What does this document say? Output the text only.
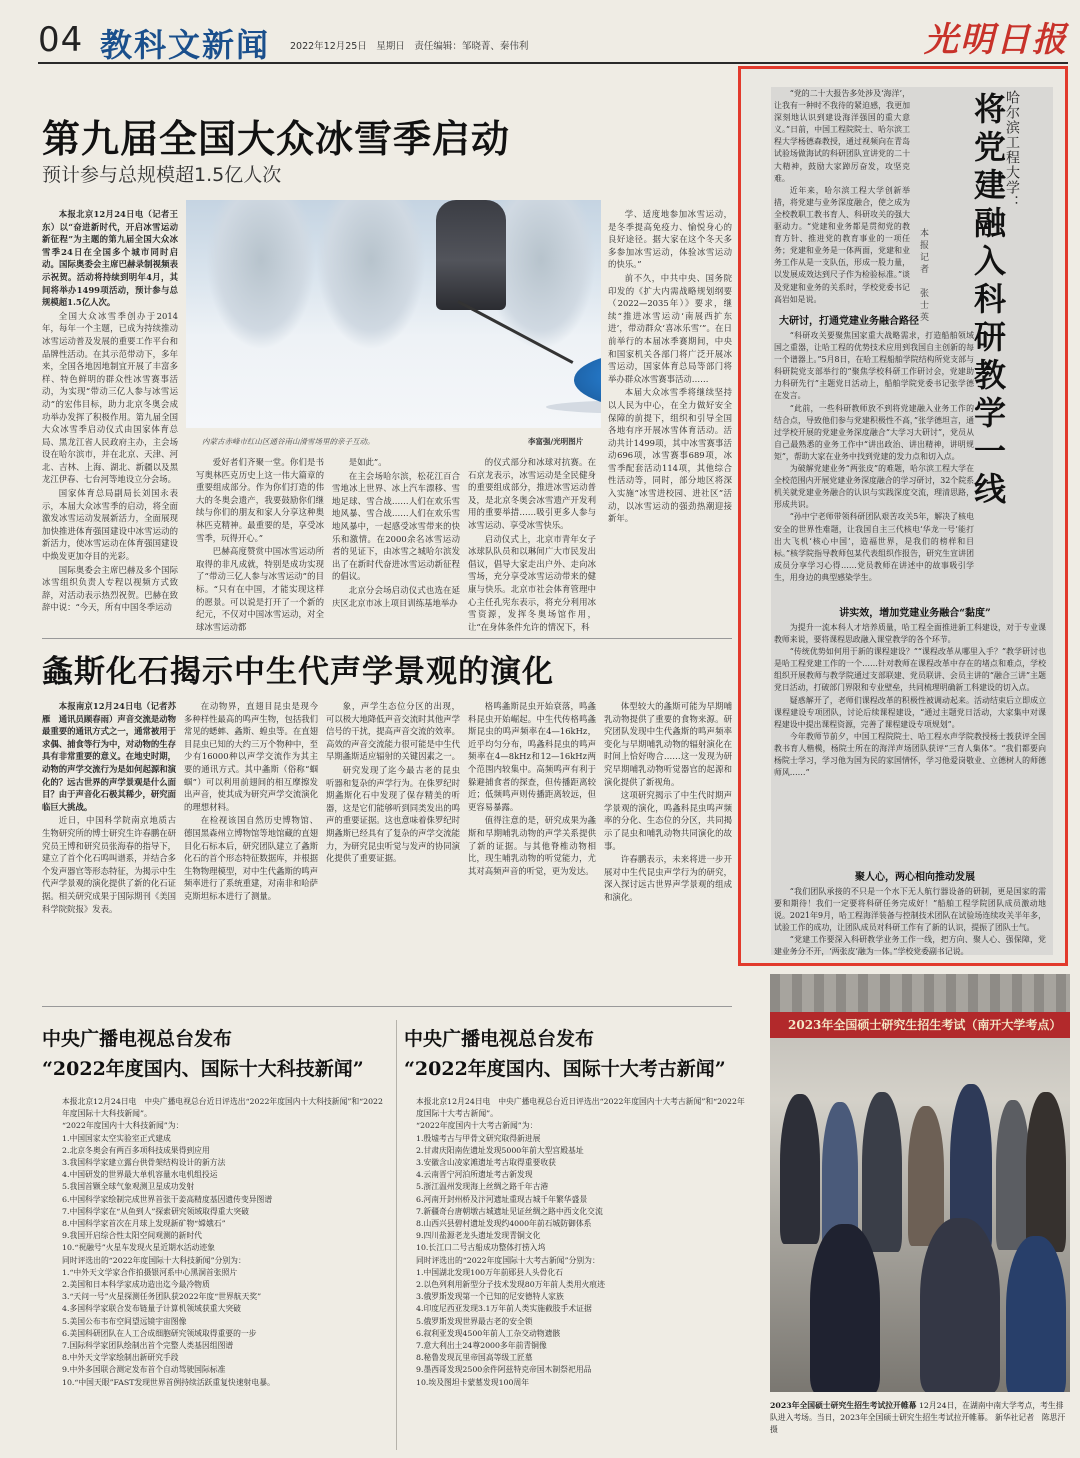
04 教科文新闻 2022年12月25日　星期日　责任编辑：邹晓菁、秦伟利	光明日报
第九届全国大众冰雪季启动
预计参与总规模超1.5亿人次

本报北京12月24日电（记者王东）以“奋进新时代，开启冰雪运动新征程”为主题的第九届全国大众冰雪季24日在全国多个城市同时启动。国际奥委会主席巴赫录制视频表示祝贺。活动将持续到明年4月，其间将举办1499项活动，预计参与总规模超1.5亿人次。

全国大众冰雪季创办于2014年，每年一个主题，已成为持续推动冰雪运动普及发展的重要工作平台和品牌性活动。在其示范带动下，多年来，全国各地因地制宜开展了丰富多样、特色鲜明的群众性冰雪赛事活动，为实现“带动三亿人参与冰雪运动”的宏伟目标，助力北京冬奥会成功举办发挥了积极作用。第九届全国大众冰雪季启动仪式由国家体育总局、黑龙江省人民政府主办，主会场设在哈尔滨市，并在北京、天津、河北、吉林、上海、湖北、新疆以及黑龙江伊春、七台河等地设立分会场。

国家体育总局副局长刘国永表示，本届大众冰雪季的启动，将全面激发冰雪运动发展新活力，全面展现加快推进体育强国建设中冰雪运动的新活力，使冰雪运动在体育强国建设中焕发更加夺目的光彩。

国际奥委会主席巴赫及多个国际冰雪组织负责人专程以视频方式致辞，对活动表示热烈祝贺。巴赫在致辞中说：“今天，所有中国冬季运动

内蒙古赤峰市红山区通谷南山滑雪场里的亲子互动。	李富强/光明图片

爱好者们齐聚一堂。你们是书写奥林匹克历史上这一伟大篇章的重要组成部分。作为你们打造的伟大的冬奥会遗产，我要鼓励你们继续与你们的朋友和家人分享这种奥林匹克精神。最重要的是，享受冰雪季，玩得开心。”

巴赫高度赞赏中国冰雪运动所取得的非凡成就，特别是成功实现了“带动三亿人参与冰雪运动”的目标。“只有在中国，才能实现这样的愿景。可以说是打开了一个新的纪元，不仅对中国冰雪运动，对全球冰雪运动都

是如此”。

在主会场哈尔滨，松花江百合雪地冰上世界、冰上汽车漂移、雪地足球、雪合战……人们在欢乐雪地风暴、雪合战……人们在欢乐雪地风暴中，一起感受冰雪带来的快乐和激情。在2000余名冰雪运动者的见证下，由冰雪之城哈尔滨发出了在新时代奋进冰雪运动新征程的倡议。

北京分会场启动仪式也选在延庆区北京市冰上项目训练基地举办

的仪式部分和冰球对抗赛。在石京龙表示，冰雪运动是全民健身的重要组成部分，推进冰雪运动普及，是北京冬奥会冰雪遗产开发利用的重要举措……吸引更多人参与冰雪运动、享受冰雪快乐。

启动仪式上，北京市青年女子冰球队队员和以琳间广大市民发出倡议，倡导大家走出户外、走向冰雪场，充分享受冰雪运动带来的健康与快乐。北京市社会体育管理中心主任孔宪东表示，将充分利用冰雪资源，发挥冬奥场馆作用，让“在身体条件允许的情况下，科

学、适度地参加冰雪运动，是冬季提高免疫力、愉悦身心的良好途径。据大家在这个冬天多多参加冰雪运动，体验冰雪运动的快乐。”

前不久，中共中央、国务院印发的《扩大内需战略规划纲要（2022—2035年）》要求，继续“推进冰雪运动‘南展西扩东进’，带动群众‘喜冰乐雪’”。在日前举行的本届冰季赛期间，中央和国家机关各部门将广泛开展冰雪运动，国家体育总局等部门将举办群众冰雪赛事活动……

本届大众冰雪季将继续坚持以人民为中心，在全力做好安全保障的前提下，组织和引导全国各地有序开展冰雪体育活动。活动共计1499项，其中冰雪赛事活动696项，冰雪赛事689项，冰雪季配套活动114项，其他综合性活动等，同时，部分地区将深入实施“冰雪进校园、进社区”活动，以冰雪运动的强劲热潮迎接新年。

螽斯化石揭示中生代声学景观的演化

本报南京12月24日电（记者苏雁　通讯员顾春雨）声音交流是动物最重要的通讯方式之一，通常被用于求偶、捕食等行为中，对动物的生存具有非常重要的意义。在地史时期，动物的声学交流行为是如何起源和演化的？远古世界的声学景观是什么面目？由于声音化石极其稀少，研究面临巨大挑战。

近日，中国科学院南京地质古生物研究所的博士研究生许春鹏在研究员王博和研究员张海春的指导下，建立了首个化石鸣叫谱系，并结合多个发声器官等形态特征，为揭示中生代声学景观的演化提供了新的化石证据。相关研究成果于国际期刊《美国科学院院报》发表。

在动物界，直翅目昆虫是现今多种样性最高的鸣声生物，包括我们常见的蟋蟀、螽斯、蝗虫等。在直翅目昆虫已知的大约三万个物种中，至少有16000种以声学交流作为其主要的通讯方式。其中螽斯（俗称“蝈蝈”）可以利用前翅间的相互摩擦发出声音，使其成为研究声学交流演化的理想材料。

在检视该国自然历史博物馆、德国黑森州立博物馆等地馆藏的直翅目化石标本后，研究团队建立了螽斯化石的首个形态特征数据库，并根据生物物理模型，对中生代螽斯的鸣声频率进行了系统重建，对南非和哈萨克斯坦标本进行了测量。

象，声学生态位分区的出现，可以极大地降低声音交流时其他声学信号的干扰，提高声音交流的效率。高效的声音交流能力很可能是中生代早期螽斯适应辐射的关键因素之一。

研究发现了迄今最古老的昆虫听器和复杂的声学行为。在侏罗纪时期螽斯化石中发现了保存精美的听器，这是它们能够听到同类发出的鸣声的重要证据。这也意味着侏罗纪时期螽斯已经具有了复杂的声学交流能力，为研究昆虫听觉与发声的协同演化提供了重要证据。

格鸣螽斯昆虫开始衰落，鸣螽科昆虫开始崛起。中生代传格鸣螽斯昆虫的鸣声频率在4—16kHz，近乎均匀分布，鸣螽科昆虫的鸣声频率在4—8kHz和12—16kHz两个范围内较集中。高频鸣声有利于躲避捕食者的探查，但传播距离较近；低频鸣声则传播距离较远，但更容易暴露。

值得注意的是，研究成果为螽斯和早期哺乳动物的声学关系提供了新的证据。与其他脊椎动物相比，现生哺乳动物的听觉能力，尤其对高频声音的听觉，更为发达。

体型较大的螽斯可能为早期哺乳动物提供了重要的食物来源。研究团队发现中生代螽斯的鸣声频率变化与早期哺乳动物的辐射演化在时间上恰好吻合……这一发现为研究早期哺乳动物听觉器官的起源和演化提供了新视角。

这项研究揭示了中生代时期声学景观的演化，鸣螽科昆虫鸣声频率的分化、生态位的分区，共同揭示了昆虫和哺乳动物共同演化的故事。

许春鹏表示，未来将进一步开展对中生代昆虫声学行为的研究，深入探讨远古世界声学景观的组成和演化。

中央广播电视总台发布
“2022年度国内、国际十大科技新闻”
本报北京12月24日电　中央广播电视总台近日评选出“2022年度国内十大科技新闻”和“2022年度国际十大科技新闻”。
“2022年度国内十大科技新闻”为：
1.中国国家太空实验室正式建成
2.北京冬奥会有两百多项科技成果得到应用
3.我国科学家建立露台供骨架结构设计的新方法
4.中国研发的世界最大单机容量水电机组投运
5.我国首颗全球气象观测卫星成功发射
6.中国科学家绘制完成世界首张干姜高精度基因遗传变异图谱
7.中国科学家在“从鱼到人”探索研究领域取得重大突破
8.中国科学家首次在月球上发现新矿物“嫦娥石”
9.我国开启综合性太阳空间观测的新时代
10.“祝融号”火星车发现火星近期水活动迹象
同时评选出的“2022年度国际十大科技新闻”分别为：
1.“中外天文学家合作拍摄银河系中心黑洞首张照片
2.美国和日本科学家成功造出迄今最冷物质
3.“天问一号”火星探测任务团队获2022年度“世界航天奖”
4.多国科学家联合发布链量子计算机领域获重大突破
5.美国公布韦布空间望远镜宇宙图像
6.美国科研团队在人工合成细胞研究领域取得重要的一步
7.国际科学家团队绘制出首个完整人类基因组图谱
8.中外天文学家绘制出新研究手段
9.中外多国联合测定发布首个自动驾驶国际标准
10.“中国天眼”FAST发现世界首例持续活跃重复快速射电暴。
中央广播电视总台发布
“2022年度国内、国际十大考古新闻”
本报北京12月24日电　中央广播电视总台近日评选出“2022年度国内十大考古新闻”和“2022年度国际十大考古新闻”。
“2022年度国内十大考古新闻”为：
1.殷墟考古与甲骨文研究取得新进展
2.甘肃庆阳南佐遗址发现5000年前大型宫殿基址
3.安徽含山凌家滩遗址考古取得重要收获
4.云南晋宁河泊所遗址考古新发现
5.浙江温州发现海上丝绸之路千年古港
6.河南开封州桥及汴河遗址重现古城千年繁华盛景
7.新疆奇台唐朝墩古城遗址见证丝绸之路中西文化交流
8.山西兴县碧村遗址发现约4000年前石城防御体系
9.四川盐源老龙头遗址发现青铜文化
10.长江口二号古船成功整体打捞入坞
同时评选出的“2022年度国际十大考古新闻”分别为：
1.中国湖北发现100万年前郧县人头骨化石
2.以色列利用新型分子技术发现80万年前人类用火痕迹
3.俄罗斯发现第一个已知的尼安德特人家族
4.印度尼西亚发现3.1万年前人类实施截肢手术证据
5.俄罗斯发现世界最古老的安全锁
6.叙利亚发现4500年前人工杂交动物遗骸
7.意大利出土24尊2000多年前青铜像
8.秘鲁发现瓦里帝国高等级工匠墓
9.墨西哥发现2500余件阿兹特克帝国木制祭祀用品
10.埃及图坦卡蒙墓发现100周年
哈尔滨工程大学：
将党建融入科研教学一线
本报记者　张士英

“党的二十大报告多处涉及‘海洋’，让我有一种时不我待的紧迫感，我更加深刻地认识到建设海洋强国的重大意义。”日前，中国工程院院士、哈尔滨工程大学杨德森教授，通过视频向在青岛试验场做海试的科研团队宣讲党的二十大精神，鼓励大家踔厉奋发，攻坚克难。

近年来，哈尔滨工程大学创新举措，将党建与业务深度融合，使之成为全校教职工教书育人、科研攻关的强大驱动力。“党建和业务都是贯彻党的教育方针、推进党的教育事业的一项任务；党建和业务是一体两面，党建和业务工作从是一支队伍，形成一股力量，以发展成效达到尺子作为检验标准。”谈及党建和业务的关系时，学校党委书记高岩如是说。

大研讨，打通党建业务融合路径

“科研攻关要聚焦国家重大战略需求，打造船舶领域国之重器，让哈工程的优势技术应用到我国自主创新的每一个谱器上。”5月8日，在哈工程船舶学院结构所党支部与科研院党支部举行的“聚焦学校科研工作研讨会，党建助力科研先行”主题党日活动上，船舶学院党委书记张学德在发言。

“此前，一些科研教师放不到将党建融入业务工作的结合点，导致他们参与党建积极性不高，”张学德坦言，通过学校开展的党建业务深度融合“大学习大研讨”，党员从自己最熟悉的业务工作中“讲出政治、讲出精神，讲明规矩”，帮助大家在业务中找到党建的发力点和切入点。

为破解党建业务“两张皮”的难题，哈尔滨工程大学在全校范围内开展党建业务深度融合的学习研讨，32个院系机关就党建业务融合的认识与实践深度交流，理清思路，形成共识。

“孙中宁老师带领科研团队艰苦攻关5年，解决了核电安全的世界性难题，让我国自主三代核电‘华龙一号’能打出大飞机‘核心中国’，造福世界，是我们的榜样和目标。”核学院指导教师包某代表组织作报告，研究生宣讲团成员分享学习心得……党员教师在讲述中的故事吸引学生，用身边的典型感染学生。

讲实效，增加党建业务融合“黏度”

为提升一流本科人才培养质量，哈工程全面推进新工科建设，对于专业课教师来说，要将课程思政融入课堂教学的各个环节。

“传统优势如何用于新的课程建设？”“课程改革从哪里入手？”教学研讨也是哈工程党建工作的一个……针对教师在课程改革中存在的堵点和难点，学校组织开展教师与教学院通过支部联建、党员联讲、会员主讲的“融合三讲”主题党日活动，打破部门界限和专业壁垒，共同梳理明确新工科建设的切入点。

疑惑解开了，老师们课程改革的积极性被调动起来。活动结束后立即成立课程建设专项团队，讨论后续课程建设，“通过主题党日活动，大家集中对课程建设中提出课程资源，完善了课程建设专项规划”。

今年教师节前夕，中国工程院院士、哈工程水声学院教授杨士莪获评全国教书育人楷模，杨院士所在的海洋声场团队获评“三育人集体”。“我们都要向杨院士学习，学习他为国为民的家国情怀，学习他爱岗敬业、立德树人的师德师风……”

聚人心，两心相向推动发展

“我们团队承接的不只是一个水下无人航行器设备的研制，更是国家的需要和期待！我们一定要将科研任务完成好！”船舶工程学院团队成员激动地说。2021年9月，哈工程海洋装备与控制技术团队在试验场连续攻关半年多，试验工作的成功，让团队成员对科研工作有了新的认识，提振了团队士气。

“党建工作要深入科研教学业务工作一线，把方向、聚人心、强保障，党建业务分不开，‘两张皮’融为一体。”学校党委副书记说。

2023年全国硕士研究生招生考试（南开大学考点）
2023年全国硕士研究生招生考试拉开帷幕 12月24日，在湖南中南大学考点，考生排队进入考场。当日，2023年全国硕士研究生招生考试拉开帷幕。 新华社记者　陈思汗摄
